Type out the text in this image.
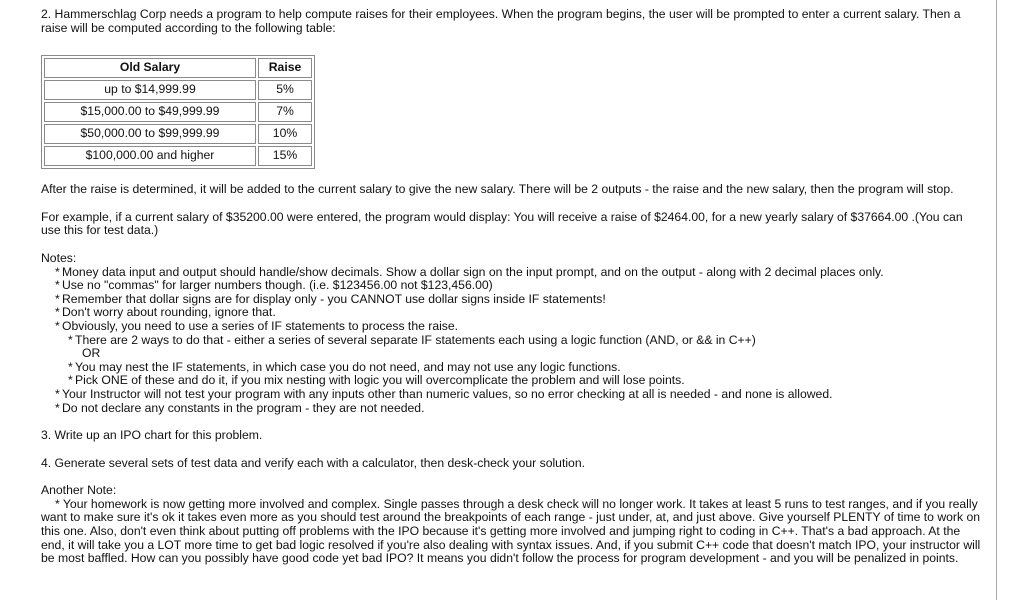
2. Hammerschlag Corp needs a program to help compute raises for their employees. When the program begins, the user will be prompted to enter a current salary. Then a raise will be computed according to the following table:

Old Salary	Raise
up to $14,999.99	5%
$15,000.00 to $49,999.99	7%
$50,000.00 to $99,999.99	10%
$100,000.00 and higher	15%

After the raise is determined, it will be added to the current salary to give the new salary. There will be 2 outputs - the raise and the new salary, then the program will stop.

For example, if a current salary of $35200.00 were entered, the program would display: You will receive a raise of $2464.00, for a new yearly salary of $37664.00 .(You can use this for test data.)

Notes:

* Money data input and output should handle/show decimals. Show a dollar sign on the input prompt, and on the output - along with 2 decimal places only.
* Use no "commas" for larger numbers though. (i.e. $123456.00 not $123,456.00)
* Remember that dollar signs are for display only - you CANNOT use dollar signs inside IF statements!
* Don't worry about rounding, ignore that.
* Obviously, you need to use a series of IF statements to process the raise.
* There are 2 ways to do that - either a series of several separate IF statements each using a logic function (AND, or && in C++)
OR
* You may nest the IF statements, in which case you do not need, and may not use any logic functions.
* Pick ONE of these and do it, if you mix nesting with logic you will overcomplicate the problem and will lose points.
* Your Instructor will not test your program with any inputs other than numeric values, so no error checking at all is needed - and none is allowed.
* Do not declare any constants in the program - they are not needed.

3. Write up an IPO chart for this problem.

4. Generate several sets of test data and verify each with a calculator, then desk-check your solution.

Another Note:

* Your homework is now getting more involved and complex. Single passes through a desk check will no longer work. It takes at least 5 runs to test ranges, and if you really want to make sure it's ok it takes even more as you should test around the breakpoints of each range - just under, at, and just above. Give yourself PLENTY of time to work on this one. Also, don't even think about putting off problems with the IPO because it's getting more involved and jumping right to coding in C++. That's a bad approach. At the end, it will take you a LOT more time to get bad logic resolved if you're also dealing with syntax issues. And, if you submit C++ code that doesn't match IPO, your instructor will be most baffled. How can you possibly have good code yet bad IPO? It means you didn't follow the process for program development - and you will be penalized in points.
